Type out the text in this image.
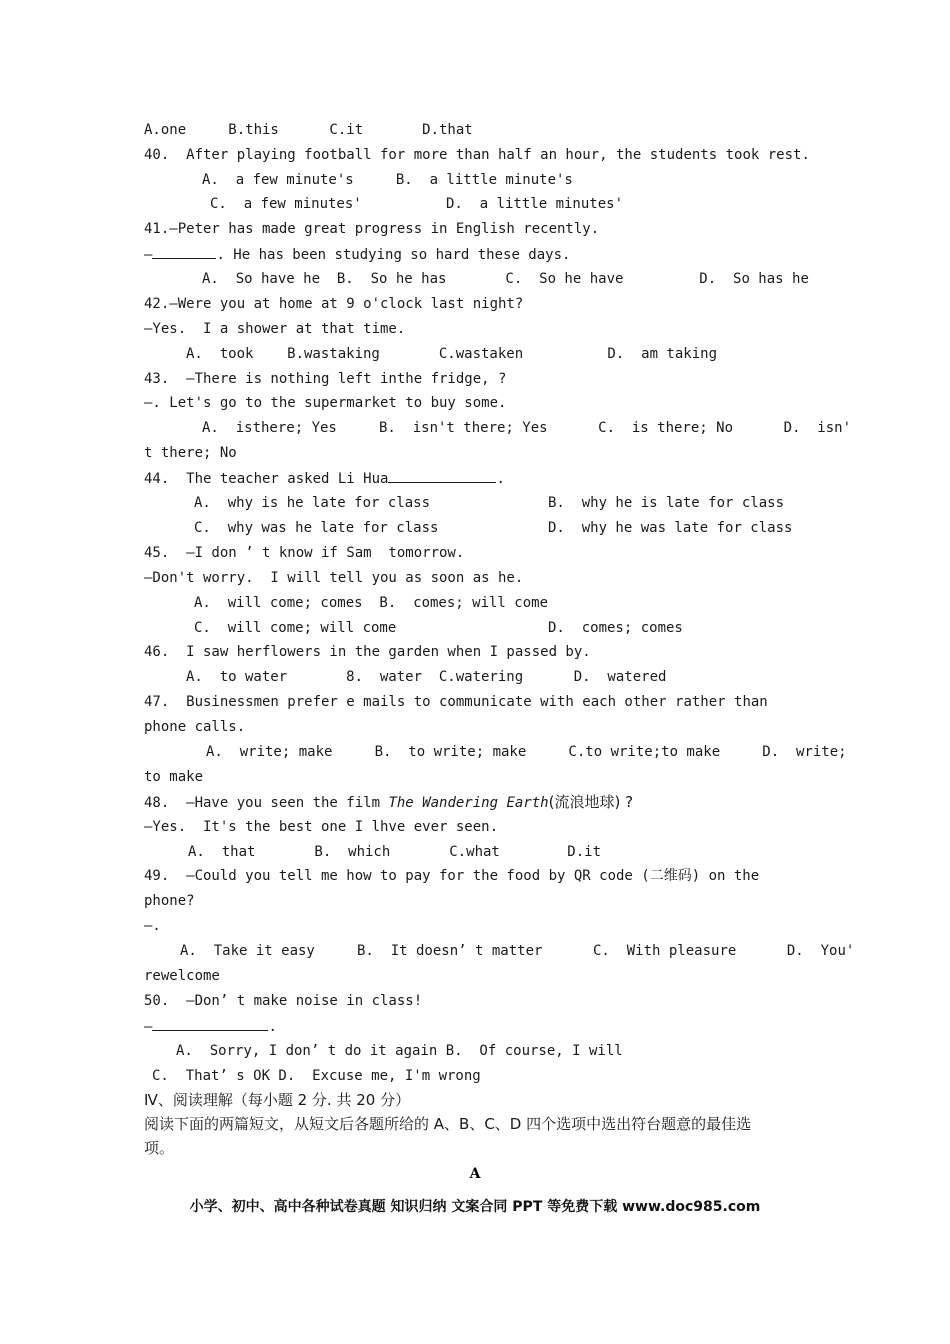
A.one     B.this      C.it       D.that
40.  After playing football for more than half an hour, the students took rest.
A.  a few minute's     B.  a little minute's
C.  a few minutes'          D.  a little minutes'
41.—Peter has made great progress in English recently.
—	. He has been studying so hard these days.
A.  So have he  B.  So he has       C.  So he have         D.  So has he
42.—Were you at home at 9 o'clock last night?
—Yes.  I a shower at that time.
A.  took    B.wastaking       C.wastaken          D.  am taking
43.  —There is nothing left inthe fridge, ?
—. Let's go to the supermarket to buy some.
A.  isthere; Yes     B.  isn't there; Yes      C.  is there; No      D.  isn'
t there; No
44.  The teacher asked Li Hua	.
A.  why is he late for class              B.  why he is late for class
C.  why was he late for class             D.  why he was late for class
45.  —I don ’ t know if Sam  tomorrow.
—Don't worry.  I will tell you as soon as he.
A.  will come; comes  B.  comes; will come
C.  will come; will come                  D.  comes; comes
46.  I saw herflowers in the garden when I passed by.
A.  to water       8.  water  C.watering      D.  watered
47.  Businessmen prefer e mails to communicate with each other rather than
phone calls.
A.  write; make     B.  to write; make     C.to write;to make     D.  write;
to make
48.  —Have you seen the film The Wandering Earth(流浪地球) ?
—Yes.  It's the best one I lhve ever seen.
A.  that       B.  which       C.what        D.it
49.  —Could you tell me how to pay for the food by QR code (二维码) on the
phone?
—.
A.  Take it easy     B.  It doesn’ t matter      C.  With pleasure      D.  You'
rewelcome
50.  —Don’ t make noise in class!
—	.
A.  Sorry, I don’ t do it again B.  Of course, I will
C.  That’ s OK D.  Excuse me, I'm wrong
Ⅳ、阅读理解（每小题 2 分. 共 20 分）
阅读下面的两篇短文，从短文后各题所给的 A、B、C、D 四个选项中选出符台题意的最佳选
项。
A
小学、初中、高中各种试卷真题 知识归纳 文案合同 PPT 等免费下载 www.doc985.com
